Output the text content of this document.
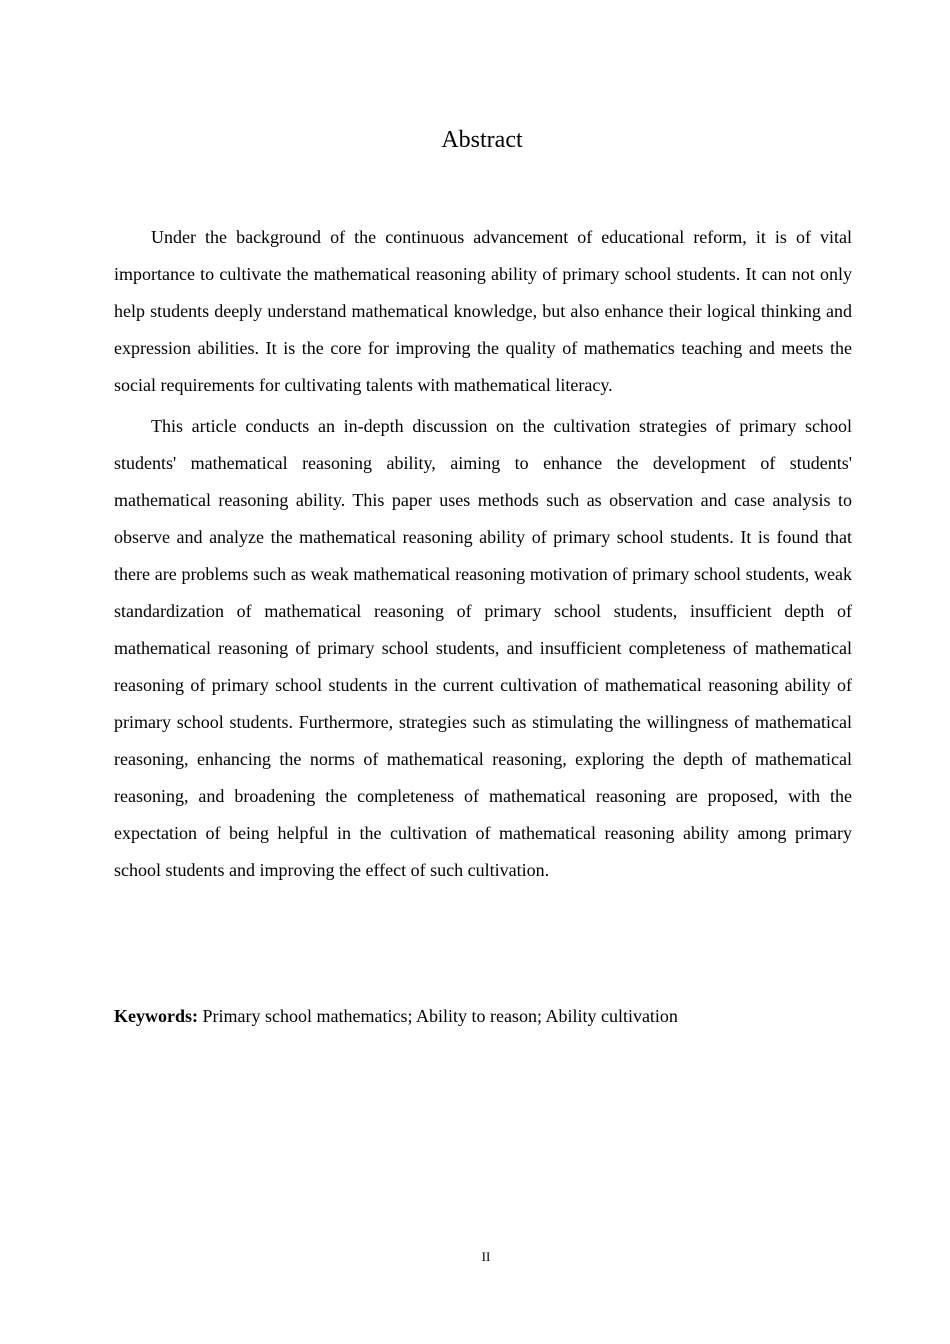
Abstract

Under the background of the continuous advancement of educational reform, it is of vital importance to cultivate the mathematical reasoning ability of primary school students. It can not only help students deeply understand mathematical knowledge, but also enhance their logical thinking and expression abilities. It is the core for improving the quality of mathematics teaching and meets the social requirements for cultivating talents with mathematical literacy.

This article conducts an in-depth discussion on the cultivation strategies of primary school students' mathematical reasoning ability, aiming to enhance the development of students' mathematical reasoning ability. This paper uses methods such as observation and case analysis to observe and analyze the mathematical reasoning ability of primary school students. It is found that there are problems such as weak mathematical reasoning motivation of primary school students, weak standardization of mathematical reasoning of primary school students, insufficient depth of mathematical reasoning of primary school students, and insufficient completeness of mathematical reasoning of primary school students in the current cultivation of mathematical reasoning ability of primary school students. Furthermore, strategies such as stimulating the willingness of mathematical reasoning, enhancing the norms of mathematical reasoning, exploring the depth of mathematical reasoning, and broadening the completeness of mathematical reasoning are proposed, with the expectation of being helpful in the cultivation of mathematical reasoning ability among primary school students and improving the effect of such cultivation.

Keywords: Primary school mathematics; Ability to reason; Ability cultivation

II
